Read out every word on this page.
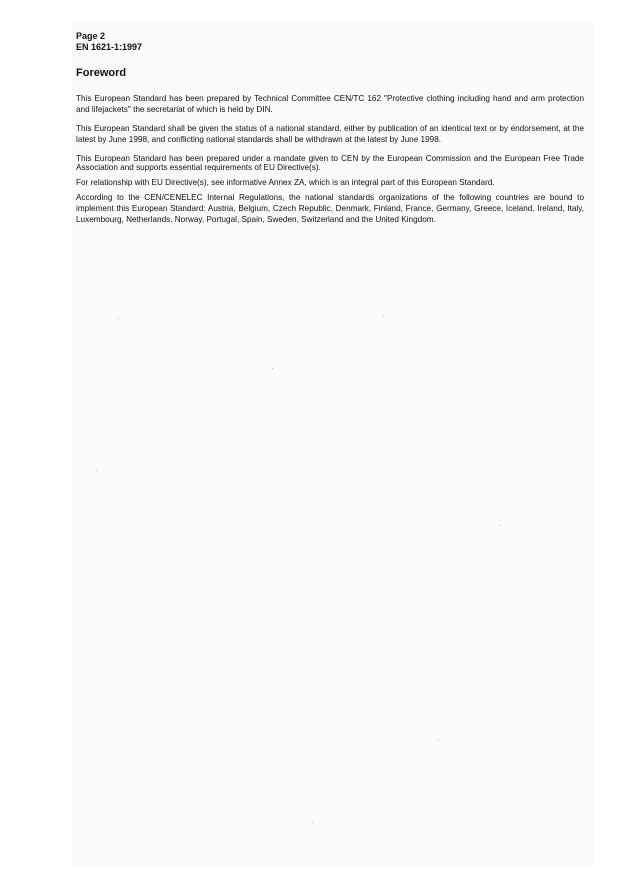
Page 2
EN 1621-1:1997
Foreword

This European Standard has been prepared by Technical Committee CEN/TC 162 "Protective clothing including hand and arm protection and lifejackets" the secretariat of which is held by DIN.

This European Standard shall be given the status of a national standard, either by publication of an identical text or by endorsement, at the latest by June 1998, and conflicting national standards shall be withdrawn at the latest by June 1998.

This European Standard has been prepared under a mandate given to CEN by the European Commission and the European Free Trade Association and supports essential requirements of EU Directive(s).

For relationship with EU Directive(s), see informative Annex ZA, which is an integral part of this European Standard.

According to the CEN/CENELEC Internal Regulations, the national standards organizations of the following countries are bound to implement this European Standard: Austria, Belgium, Czech Republic, Denmark, Finland, France, Germany, Greece, Iceland, Ireland, Italy, Luxembourg, Netherlands, Norway, Portugal, Spain, Sweden, Switzerland and the United Kingdom.
